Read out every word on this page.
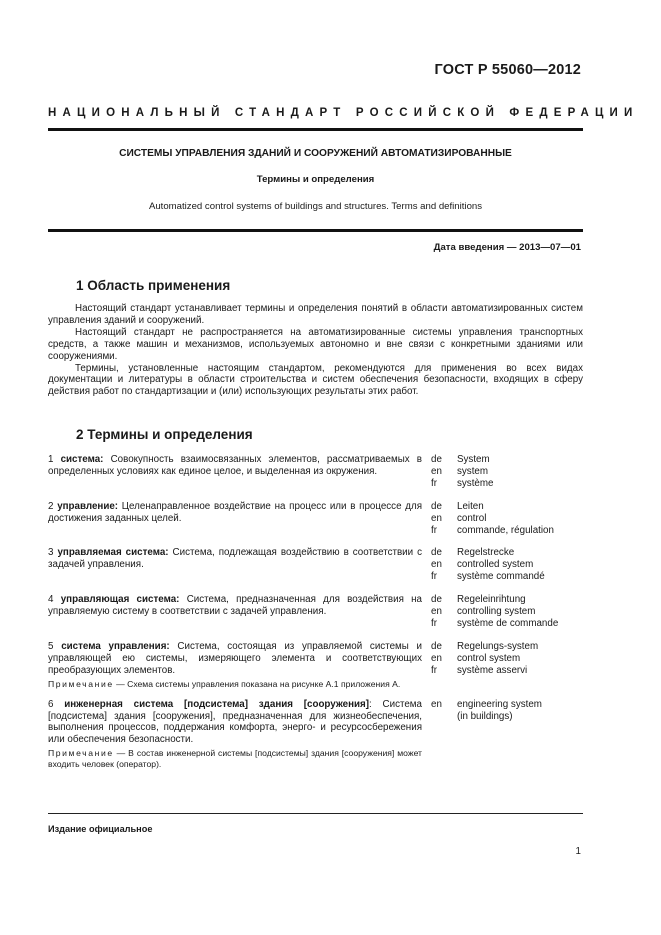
ГОСТ Р 55060—2012
НАЦИОНАЛЬНЫЙ СТАНДАРТ РОССИЙСКОЙ ФЕДЕРАЦИИ
СИСТЕМЫ УПРАВЛЕНИЯ ЗДАНИЙ И СООРУЖЕНИЙ АВТОМАТИЗИРОВАННЫЕ
Термины и определения
Automatized control systems of buildings and structures. Terms and definitions
Дата введения — 2013—07—01
1 Область применения

Настоящий стандарт устанавливает термины и определения понятий в области автоматизированных систем управления зданий и сооружений.

Настоящий стандарт не распространяется на автоматизированные системы управления транспортных средств, а также машин и механизмов, используемых автономно и вне связи с конкретными зданиями или сооружениями.

Термины, установленные настоящим стандартом, рекомендуются для применения во всех видах документации и литературы в области строительства и систем обеспечения безопасности, входящих в сферу действия работ по стандартизации и (или) использующих результаты этих работ.

2 Термины и определения
1 система: Совокупность взаимосвязанных элементов, рассматриваемых в определенных условиях как единое целое, и выделенная из окружения.
de	System
en	system
fr	système
2 управление: Целенаправленное воздействие на процесс или в процессе для достижения заданных целей.
de	Leiten
en	control
fr	commande, régulation
3 управляемая система: Система, подлежащая воздействию в соответствии с задачей управления.
de	Regelstrecke
en	controlled system
fr	système commandé
4 управляющая система: Система, предназначенная для воздействия на управляемую систему в соответствии с задачей управления.
de	Regeleinrihtung
en	controlling system
fr	système de commande
5 система управления: Система, состоящая из управляемой системы и управляющей ею системы, измеряющего элемента и соответствующих преобразующих элементов.
de	Regelungs-system
en	control system
fr	système asservi
Примечание — Схема системы управления показана на рисунке А.1 приложения А.
6 инженерная система [подсистема] здания [сооружения]: Система [подсистема] здания [сооружения], предназначенная для жизнеобеспечения, выполнения процессов, поддержания комфорта, энерго- и ресурсосбережения или обеспечения безопасности.
en	engineering system
(in buildings)
Примечание — В состав инженерной системы [подсистемы] здания [сооружения] может входить человек (оператор).
Издание официальное
1
